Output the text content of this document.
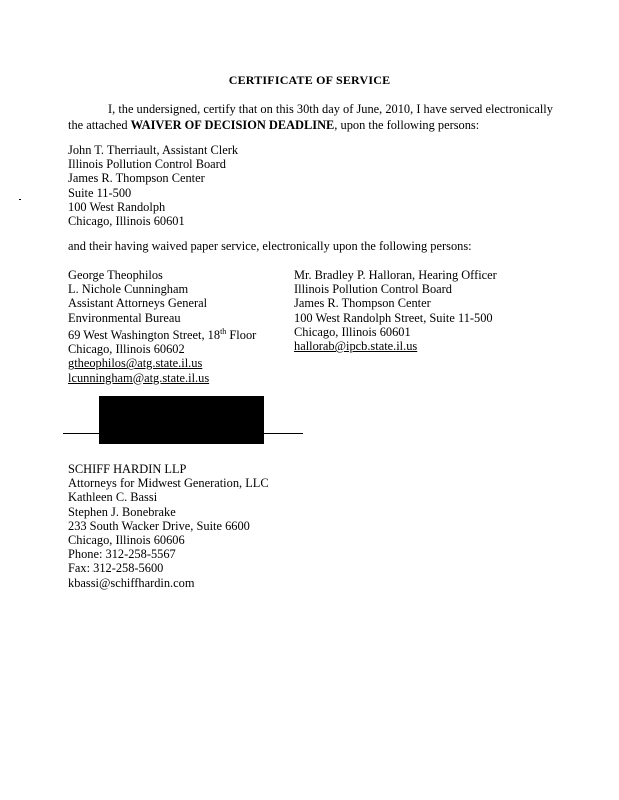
CERTIFICATE OF SERVICE
I, the undersigned, certify that on this 30th day of June, 2010, I have served electronically the attached WAIVER OF DECISION DEADLINE, upon the following persons:
John T. Therriault, Assistant Clerk
Illinois Pollution Control Board
James R. Thompson Center
Suite 11-500
100 West Randolph
Chicago, Illinois 60601
and their having waived paper service, electronically upon the following persons:
George Theophilos
L. Nichole Cunningham
Assistant Attorneys General
Environmental Bureau
69 West Washington Street, 18th Floor
Chicago, Illinois 60602
gtheophilos@atg.state.il.us
lcunningham@atg.state.il.us
Mr. Bradley P. Halloran, Hearing Officer
Illinois Pollution Control Board
James R. Thompson Center
100 West Randolph Street, Suite 11-500
Chicago, Illinois 60601
hallorab@ipcb.state.il.us
SCHIFF HARDIN LLP
Attorneys for Midwest Generation, LLC
Kathleen C. Bassi
Stephen J. Bonebrake
233 South Wacker Drive, Suite 6600
Chicago, Illinois 60606
Phone: 312-258-5567
Fax: 312-258-5600
kbassi@schiffhardin.com
